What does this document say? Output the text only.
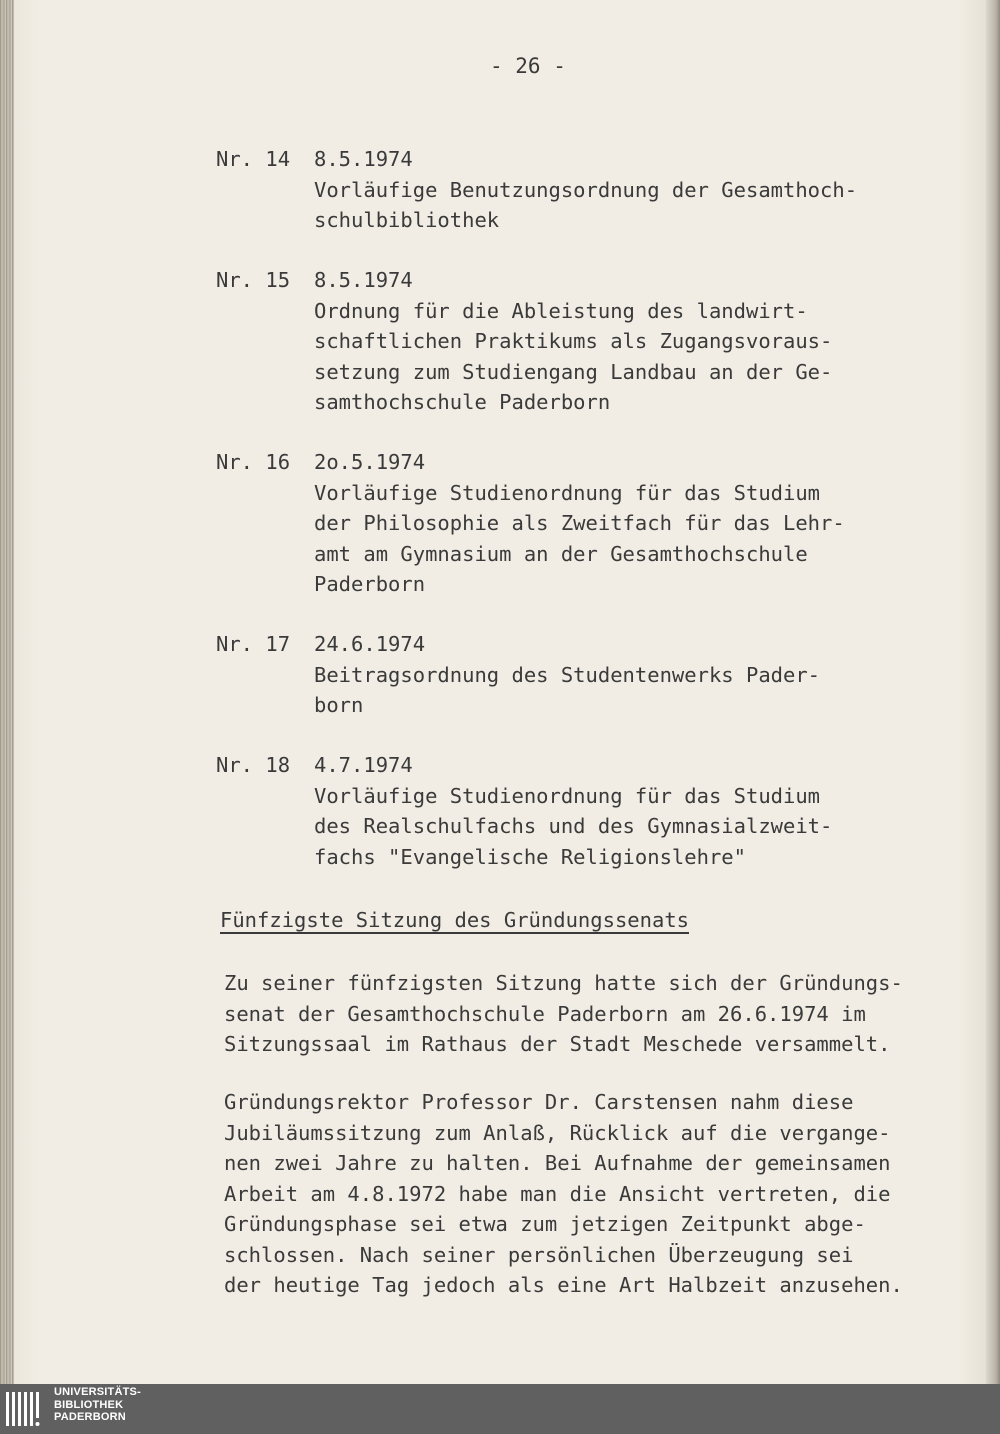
- 26 -
Nr. 14	8.5.1974
Vorläufige Benutzungsordnung der Gesamthoch-
schulbibliothek
Nr. 15	8.5.1974
Ordnung für die Ableistung des landwirt-
schaftlichen Praktikums als Zugangsvoraus-
setzung zum Studiengang Landbau an der Ge-
samthochschule Paderborn
Nr. 16	2o.5.1974
Vorläufige Studienordnung für das Studium
der Philosophie als Zweitfach für das Lehr-
amt am Gymnasium an der Gesamthochschule
Paderborn
Nr. 17	24.6.1974
Beitragsordnung des Studentenwerks Pader-
born
Nr. 18	4.7.1974
Vorläufige Studienordnung für das Studium
des Realschulfachs und des Gymnasialzweit-
fachs "Evangelische Religionslehre"
Fünfzigste Sitzung des Gründungssenats
Zu seiner fünfzigsten Sitzung hatte sich der Gründungs-
senat der Gesamthochschule Paderborn am 26.6.1974 im
Sitzungssaal im Rathaus der Stadt Meschede versammelt.
Gründungsrektor Professor Dr. Carstensen nahm diese
Jubiläumssitzung zum Anlaß, Rücklick auf die vergange-
nen zwei Jahre zu halten. Bei Aufnahme der gemeinsamen
Arbeit am 4.8.1972 habe man die Ansicht vertreten, die
Gründungsphase sei etwa zum jetzigen Zeitpunkt abge-
schlossen. Nach seiner persönlichen Überzeugung sei
der heutige Tag jedoch als eine Art Halbzeit anzusehen.
UNIVERSITÄTS-
BIBLIOTHEK
PADERBORN
